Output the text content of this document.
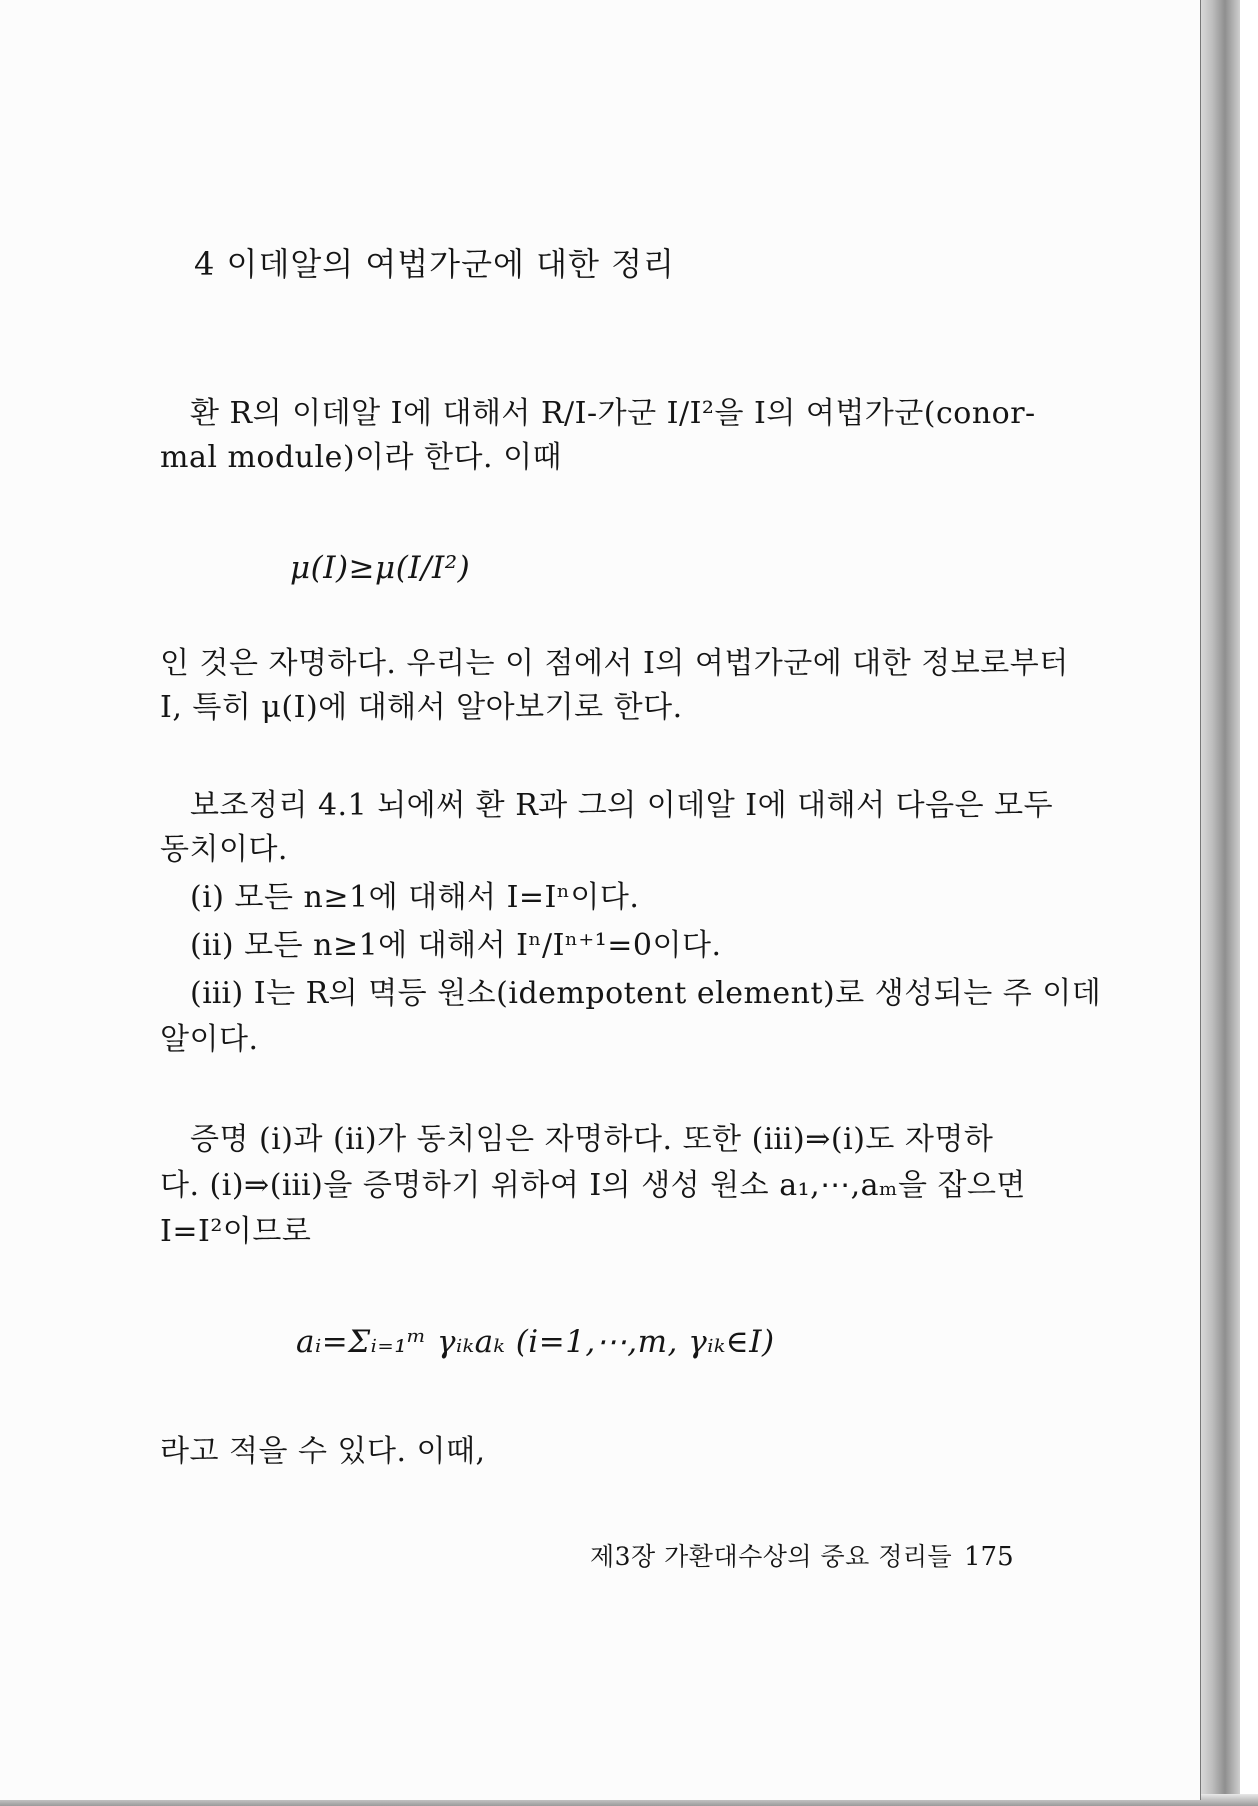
4 이데알의 여법가군에 대한 정리
환 R의 이데알 I에 대해서 R/I-가군 I/I²을 I의 여법가군(conor-
mal module)이라 한다. 이때
μ(I)≥μ(I/I²)
인 것은 자명하다. 우리는 이 점에서 I의 여법가군에 대한 정보로부터
I, 특히 μ(I)에 대해서 알아보기로 한다.
보조정리 4.1 뇌에써 환 R과 그의 이데알 I에 대해서 다음은 모두
동치이다.
(ⅰ) 모든 n≥1에 대해서 I=Iⁿ이다.
(ⅱ) 모든 n≥1에 대해서 Iⁿ/Iⁿ⁺¹=0이다.
(ⅲ) I는 R의 멱등 원소(idempotent element)로 생성되는 주 이데
알이다.
증명 (ⅰ)과 (ⅱ)가 동치임은 자명하다. 또한 (ⅲ)⇒(ⅰ)도 자명하
다. (ⅰ)⇒(ⅲ)을 증명하기 위하여 I의 생성 원소 a₁,⋯,aₘ을 잡으면
I=I²이므로
aᵢ=Σᵢ₌₁ᵐ γᵢₖaₖ (i=1,⋯,m, γᵢₖ∈I)
라고 적을 수 있다. 이때,
제3장 가환대수상의 중요 정리들 175
